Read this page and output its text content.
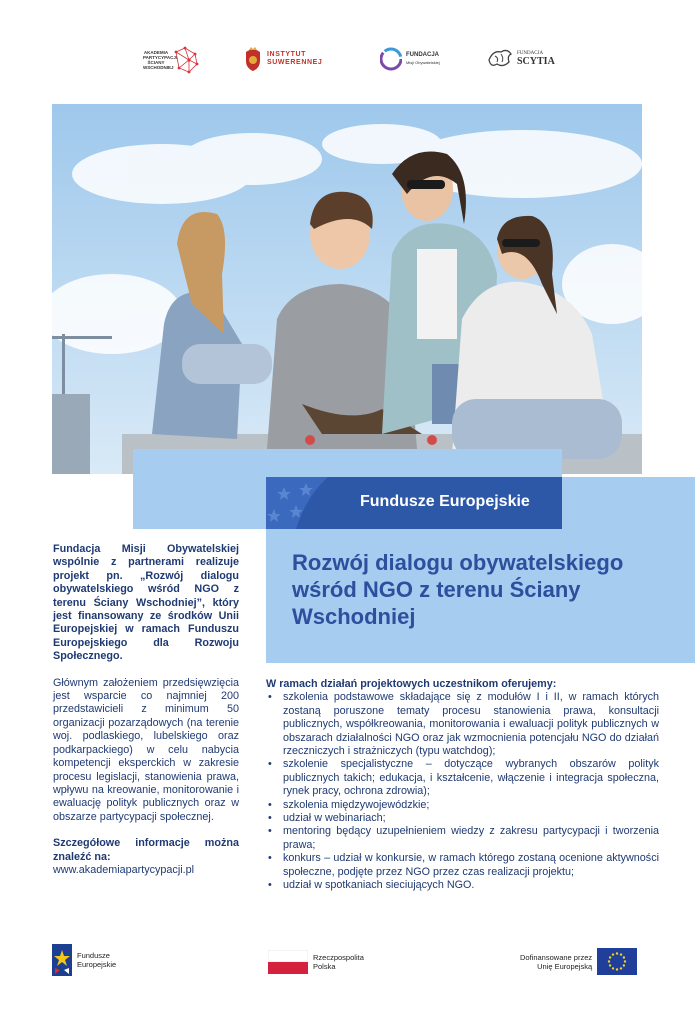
AKADEMIA PARTYCYPACJI ŚCIANY WSCHODNIEJ
INSTYTUT
SUWERENNEJ
FUNDACJA
Misji Obywatelskiej
FUNDACJA
SCYTIA
Fundusze Europejskie
Rozwój dialogu obywatelskiego wśród NGO z terenu Ściany Wschodniej

Fundacja Misji Obywatelskiej wspólnie z partnerami realizuje projekt pn. „Rozwój dialogu obywatelskiego wśród NGO z terenu Ściany Wschodniej”, który jest finansowany ze środków Unii Europejskiej w ramach Funduszu Europejskiego dla Rozwoju Społecznego.

Głównym założeniem przedsięwzięcia jest wsparcie co najmniej 200 przedstawicieli z minimum 50 organizacji pozarządowych (na terenie woj. podlaskiego, lubelskiego oraz podkarpackiego) w celu nabycia kompetencji eksperckich w zakresie procesu legislacji, stanowienia prawa, wpływu na kreowanie, monitorowanie i ewaluację polityk publicznych oraz w obszarze partycypacji społecznej.

Szczegółowe informacje można znaleźć na:

www.akademiapartycypacji.pl

W ramach działań projektowych uczestnikom oferujemy:
• szkolenia podstawowe składające się z modułów I i II, w ramach których zostaną poruszone tematy procesu stanowienia prawa, konsultacji publicznych, współkreowania, monitorowania i ewaluacji polityk publicznych w obszarach działalności NGO oraz jak wzmocnienia potencjału NGO do działań rzeczniczych i strażniczych (typu watchdog);
• szkolenie specjalistyczne – dotyczące wybranych obszarów polityk publicznych takich; edukacja, i kształcenie, włączenie i integracja społeczna, rynek pracy, ochrona zdrowia);
• szkolenia międzywojewódzkie;
• udział w webinariach;
• mentoring będący uzupełnieniem wiedzy z zakresu partycypacji i tworzenia prawa;
• konkurs – udział w konkursie, w ramach którego zostaną ocenione aktywności społeczne, podjęte przez NGO przez czas realizacji projektu;
• udział w spotkaniach sieciujących NGO.
Fundusze
Europejskie
Rzeczpospolita
Polska
Dofinansowane przez
Unię Europejską
